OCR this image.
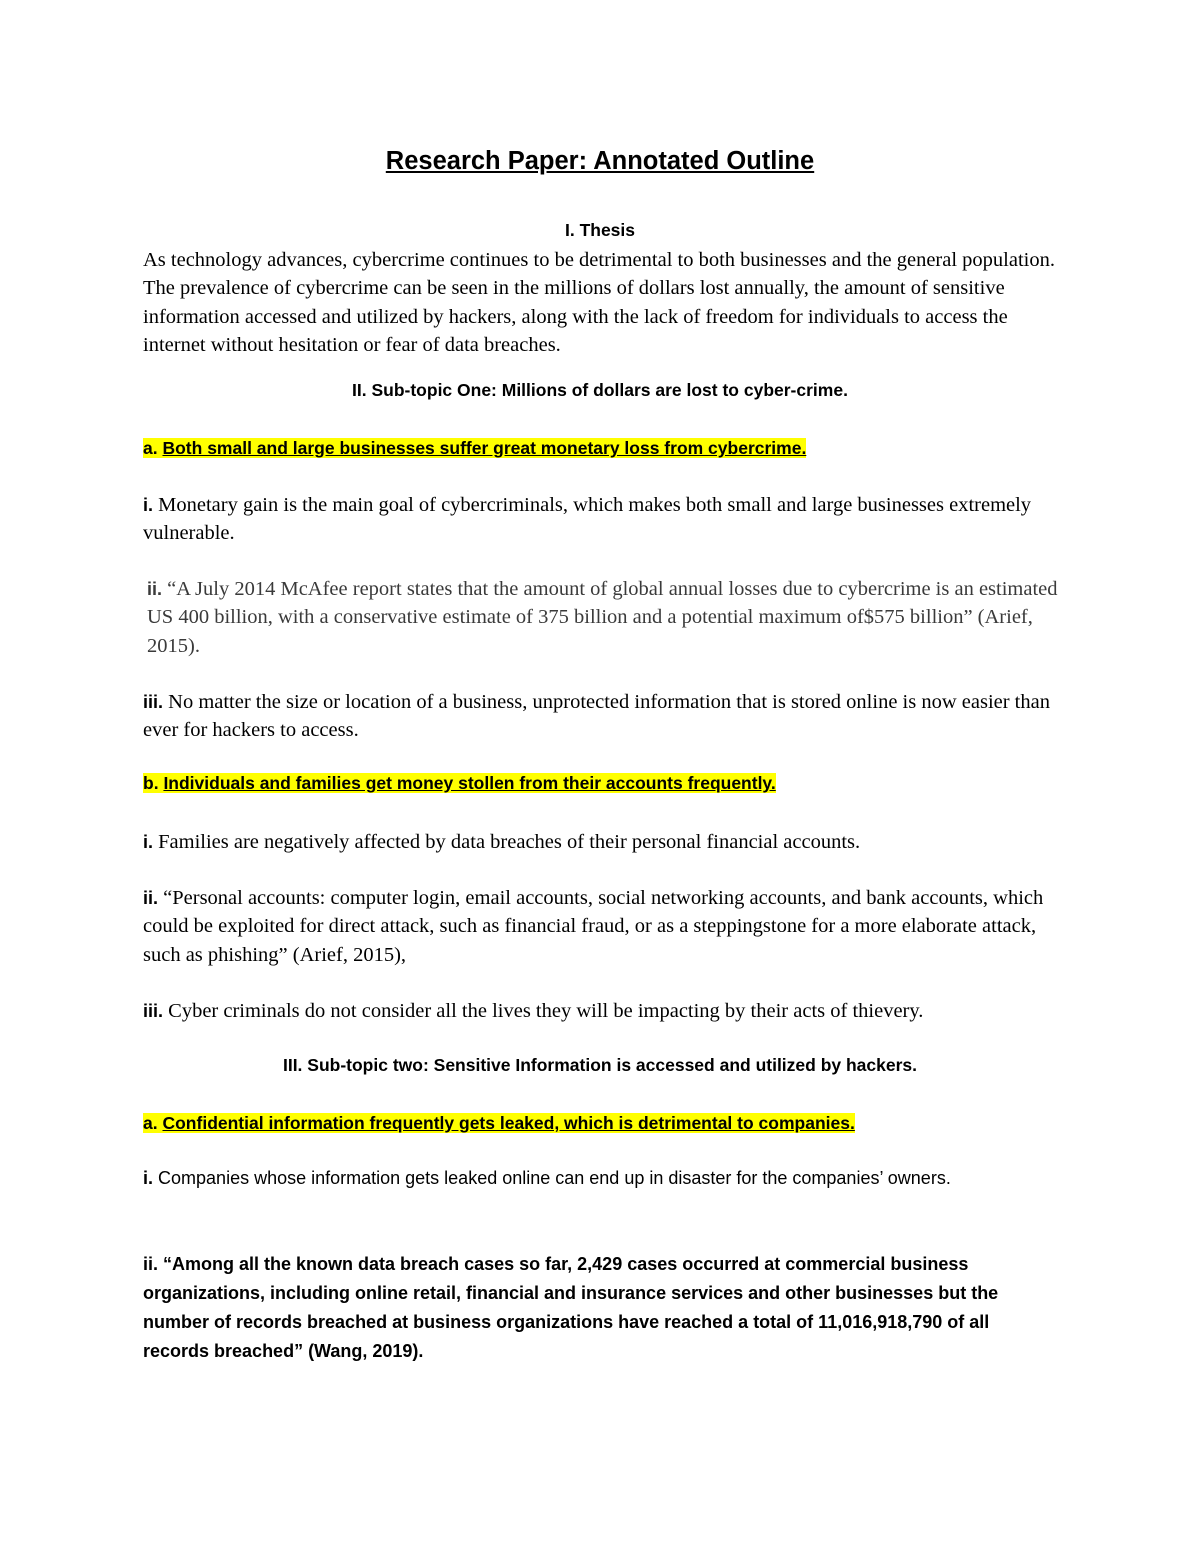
Research Paper: Annotated Outline
I. Thesis

As technology advances, cybercrime continues to be detrimental to both businesses and the general population. The prevalence of cybercrime can be seen in the millions of dollars lost annually, the amount of sensitive information accessed and utilized by hackers, along with the lack of freedom for individuals to access the internet without hesitation or fear of data breaches.

II. Sub-topic One: Millions of dollars are lost to cyber-crime.

a. Both small and large businesses suffer great monetary loss from cybercrime.

i. Monetary gain is the main goal of cybercriminals, which makes both small and large businesses extremely vulnerable.

ii. “A July 2014 McAfee report states that the amount of global annual losses due to cybercrime is an estimated US 400 billion, with a conservative estimate of 375 billion and a potential maximum of$575 billion” (Arief, 2015).

iii. No matter the size or location of a business, unprotected information that is stored online is now easier than ever for hackers to access.

b. Individuals and families get money stollen from their accounts frequently.

i. Families are negatively affected by data breaches of their personal financial accounts.

ii. “Personal accounts: computer login, email accounts, social networking accounts, and bank accounts, which could be exploited for direct attack, such as financial fraud, or as a steppingstone for a more elaborate attack, such as phishing” (Arief, 2015),

iii. Cyber criminals do not consider all the lives they will be impacting by their acts of thievery.

III. Sub-topic two: Sensitive Information is accessed and utilized by hackers.

a. Confidential information frequently gets leaked, which is detrimental to companies.

i. Companies whose information gets leaked online can end up in disaster for the companies’ owners.

ii. “Among all the known data breach cases so far, 2,429 cases occurred at commercial business organizations, including online retail, financial and insurance services and other businesses but the number of records breached at business organizations have reached a total of 11,016,918,790 of all records breached” (Wang, 2019).
